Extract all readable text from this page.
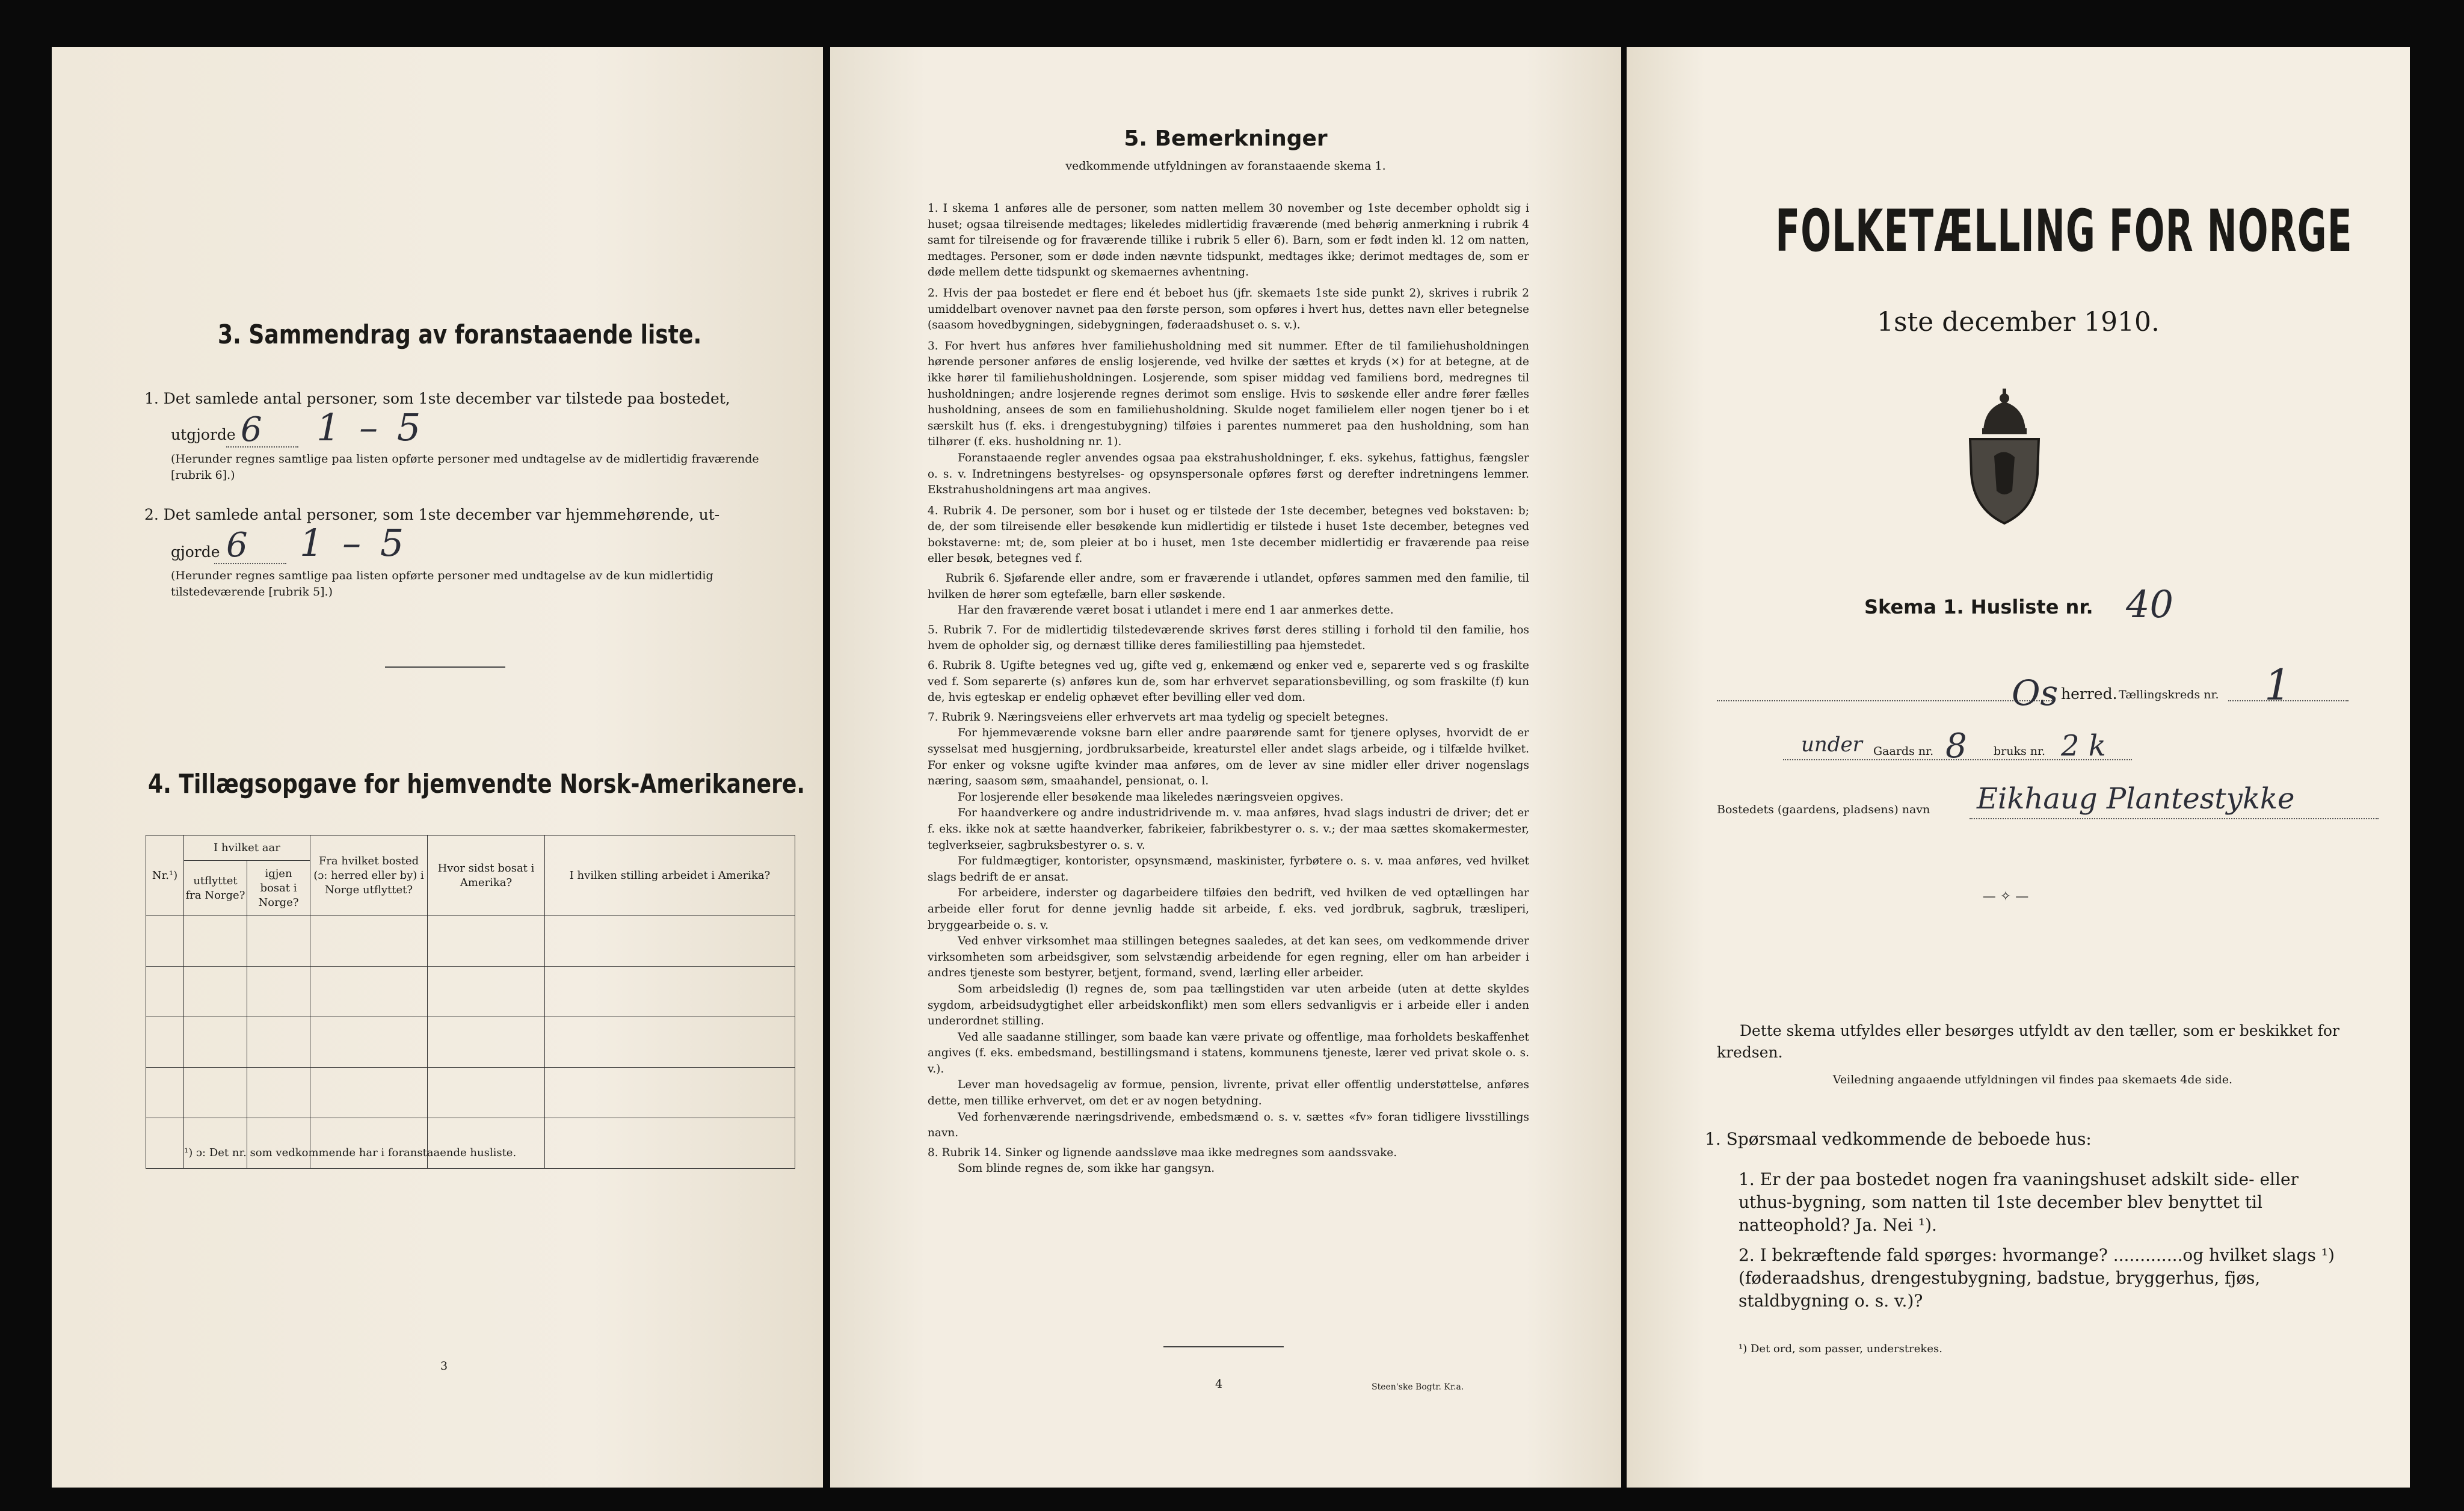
3. Sammendrag av foranstaaende liste.
1. Det samlede antal personer, som 1ste december var tilstede paa bostedet,
utgjorde 6 1 – 5
(Herunder regnes samtlige paa listen opførte personer med undtagelse av de midlertidig fraværende [rubrik 6].)
2. Det samlede antal personer, som 1ste december var hjemmehørende, ut-
gjorde 6 1 – 5
(Herunder regnes samtlige paa listen opførte personer med undtagelse av de kun midlertidig tilstedeværende [rubrik 5].)
4. Tillægsopgave for hjemvendte Norsk-Amerikanere.
Nr.¹)	I hvilket aar		Fra hvilket bosted (ɔ: herred eller by) i Norge utflyttet?	Hvor sidst bosat i Amerika?	I hvilken stilling arbeidet i Amerika?
	utflyttet fra Norge?	igjen bosat i Norge?			

¹) ɔ: Det nr. som vedkommende har i foranstaaende husliste.
3
5. Bemerkninger
vedkommende utfyldningen av foranstaaende skema 1.

1. I skema 1 anføres alle de personer, som natten mellem 30 november og 1ste december opholdt sig i huset; ogsaa tilreisende medtages; likeledes midlertidig fraværende (med behørig anmerkning i rubrik 4 samt for tilreisende og for fraværende tillike i rubrik 5 eller 6). Barn, som er født inden kl. 12 om natten, medtages. Personer, som er døde inden nævnte tidspunkt, medtages ikke; derimot medtages de, som er døde mellem dette tidspunkt og skemaernes avhentning.

2. Hvis der paa bostedet er flere end ét beboet hus (jfr. skemaets 1ste side punkt 2), skrives i rubrik 2 umiddelbart ovenover navnet paa den første person, som opføres i hvert hus, dettes navn eller betegnelse (saasom hovedbygningen, sidebygningen, føderaadshuset o. s. v.).

3. For hvert hus anføres hver familiehusholdning med sit nummer. Efter de til familiehusholdningen hørende personer anføres de enslig losjerende, ved hvilke der sættes et kryds (×) for at betegne, at de ikke hører til familiehusholdningen. Losjerende, som spiser middag ved familiens bord, medregnes til husholdningen; andre losjerende regnes derimot som enslige. Hvis to søskende eller andre fører fælles husholdning, ansees de som en familiehusholdning. Skulde noget familielem eller nogen tjener bo i et særskilt hus (f. eks. i drengestubygning) tilføies i parentes nummeret paa den husholdning, som han tilhører (f. eks. husholdning nr. 1).

Foranstaaende regler anvendes ogsaa paa ekstrahusholdninger, f. eks. sykehus, fattighus, fængsler o. s. v. Indretningens bestyrelses- og opsynspersonale opføres først og derefter indretningens lemmer. Ekstrahusholdningens art maa angives.

4. Rubrik 4. De personer, som bor i huset og er tilstede der 1ste december, betegnes ved bokstaven: b; de, der som tilreisende eller besøkende kun midlertidig er tilstede i huset 1ste december, betegnes ved bokstaverne: mt; de, som pleier at bo i huset, men 1ste december midlertidig er fraværende paa reise eller besøk, betegnes ved f.

Rubrik 6. Sjøfarende eller andre, som er fraværende i utlandet, opføres sammen med den familie, til hvilken de hører som egtefælle, barn eller søskende.

Har den fraværende været bosat i utlandet i mere end 1 aar anmerkes dette.

5. Rubrik 7. For de midlertidig tilstedeværende skrives først deres stilling i forhold til den familie, hos hvem de opholder sig, og dernæst tillike deres familiestilling paa hjemstedet.

6. Rubrik 8. Ugifte betegnes ved ug, gifte ved g, enkemænd og enker ved e, separerte ved s og fraskilte ved f. Som separerte (s) anføres kun de, som har erhvervet separationsbevilling, og som fraskilte (f) kun de, hvis egteskap er endelig ophævet efter bevilling eller ved dom.

7. Rubrik 9. Næringsveiens eller erhvervets art maa tydelig og specielt betegnes.

For hjemmeværende voksne barn eller andre paarørende samt for tjenere oplyses, hvorvidt de er sysselsat med husgjerning, jordbruksarbeide, kreaturstel eller andet slags arbeide, og i tilfælde hvilket. For enker og voksne ugifte kvinder maa anføres, om de lever av sine midler eller driver nogenslags næring, saasom søm, smaahandel, pensionat, o. l.

For losjerende eller besøkende maa likeledes næringsveien opgives.

For haandverkere og andre industridrivende m. v. maa anføres, hvad slags industri de driver; det er f. eks. ikke nok at sætte haandverker, fabrikeier, fabrikbestyrer o. s. v.; der maa sættes skomakermester, teglverkseier, sagbruksbestyrer o. s. v.

For fuldmægtiger, kontorister, opsynsmænd, maskinister, fyrbøtere o. s. v. maa anføres, ved hvilket slags bedrift de er ansat.

For arbeidere, inderster og dagarbeidere tilføies den bedrift, ved hvilken de ved optællingen har arbeide eller forut for denne jevnlig hadde sit arbeide, f. eks. ved jordbruk, sagbruk, træsliperi, bryggearbeide o. s. v.

Ved enhver virksomhet maa stillingen betegnes saaledes, at det kan sees, om vedkommende driver virksomheten som arbeidsgiver, som selvstændig arbeidende for egen regning, eller om han arbeider i andres tjeneste som bestyrer, betjent, formand, svend, lærling eller arbeider.

Som arbeidsledig (l) regnes de, som paa tællingstiden var uten arbeide (uten at dette skyldes sygdom, arbeidsudygtighet eller arbeidskonflikt) men som ellers sedvanligvis er i arbeide eller i anden underordnet stilling.

Ved alle saadanne stillinger, som baade kan være private og offentlige, maa forholdets beskaffenhet angives (f. eks. embedsmand, bestillingsmand i statens, kommunens tjeneste, lærer ved privat skole o. s. v.).

Lever man hovedsagelig av formue, pension, livrente, privat eller offentlig understøttelse, anføres dette, men tillike erhvervet, om det er av nogen betydning.

Ved forhenværende næringsdrivende, embedsmænd o. s. v. sættes «fv» foran tidligere livsstillings navn.

8. Rubrik 14. Sinker og lignende aandssløve maa ikke medregnes som aandssvake.

Som blinde regnes de, som ikke har gangsyn.

4	Steen'ske Bogtr. Kr.a.
FOLKETÆLLING FOR NORGE
1ste december 1910.
Skema 1. Husliste nr. 40
Os herred. Tællingskreds nr. 1
under Gaards nr. 8 bruks nr. 2 k
Bostedets (gaardens, pladsens) navn Eikhaug Plantestykke
— ✧ —
Dette skema utfyldes eller besørges utfyldt av den tæller, som er beskikket for kredsen.
Veiledning angaaende utfyldningen vil findes paa skemaets 4de side.
1. Spørsmaal vedkommende de beboede hus:
1. Er der paa bostedet nogen fra vaaningshuset adskilt side- eller uthus-bygning, som natten til 1ste december blev benyttet til natteophold? Ja. Nei ¹).
2. I bekræftende fald spørges: hvormange? .............og hvilket slags ¹) (føderaadshus, drengestubygning, badstue, bryggerhus, fjøs, staldbygning o. s. v.)?
¹) Det ord, som passer, understrekes.
